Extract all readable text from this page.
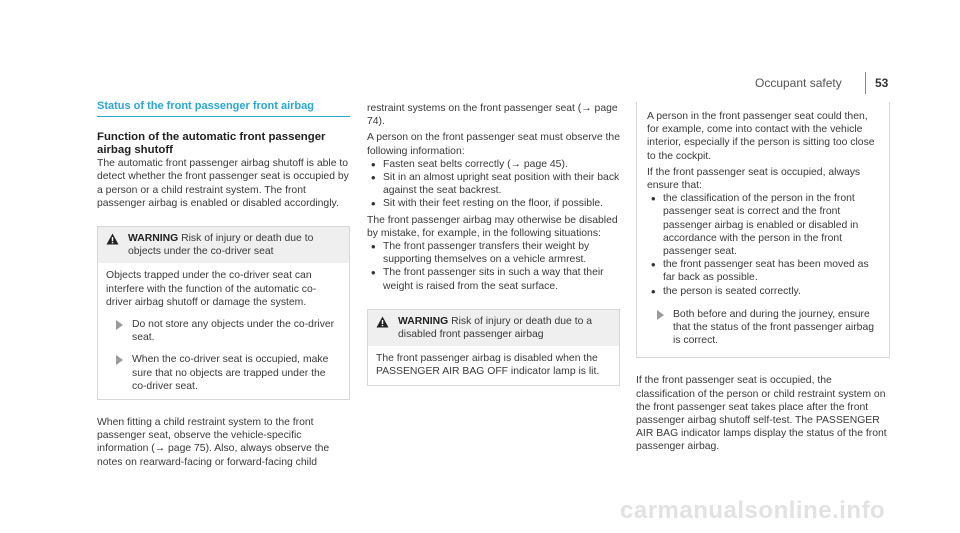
Occupant safety	53
Status of the front passenger front airbag
Function of the automatic front passenger airbag shutoff

The automatic front passenger airbag shutoff is able to detect whether the front passenger seat is occupied by a person or a child restraint system. The front passenger airbag is enabled or disabled accordingly.

WARNING Risk of injury or death due to objects under the co-driver seat

Objects trapped under the co-driver seat can interfere with the function of the automatic co-driver airbag shutoff or damage the system.

Do not store any objects under the co-driver seat.
When the co-driver seat is occupied, make sure that no objects are trapped under the co-driver seat.

When fitting a child restraint system to the front passenger seat, observe the vehicle-specific information (→ page 75). Also, always observe the notes on rearward-facing or forward-facing child

restraint systems on the front passenger seat (→ page 74).

A person on the front passenger seat must observe the following information:

• Fasten seat belts correctly (→ page 45).
• Sit in an almost upright seat position with their back against the seat backrest.
• Sit with their feet resting on the floor, if possible.

The front passenger airbag may otherwise be disabled by mistake, for example, in the following situations:

• The front passenger transfers their weight by supporting themselves on a vehicle armrest.
• The front passenger sits in such a way that their weight is raised from the seat surface.
WARNING Risk of injury or death due to a disabled front passenger airbag

The front passenger airbag is disabled when the PASSENGER AIR BAG OFF indicator lamp is lit.

A person in the front passenger seat could then, for example, come into contact with the vehicle interior, especially if the person is sitting too close to the cockpit.

If the front passenger seat is occupied, always ensure that:

• the classification of the person in the front passenger seat is correct and the front passenger airbag is enabled or disabled in accordance with the person in the front passenger seat.
• the front passenger seat has been moved as far back as possible.
• the person is seated correctly.
Both before and during the journey, ensure that the status of the front passenger airbag is correct.

If the front passenger seat is occupied, the classification of the person or child restraint system on the front passenger seat takes place after the front passenger airbag shutoff self-test. The PASSENGER AIR BAG indicator lamps display the status of the front passenger airbag.

carmanualsonline.info
